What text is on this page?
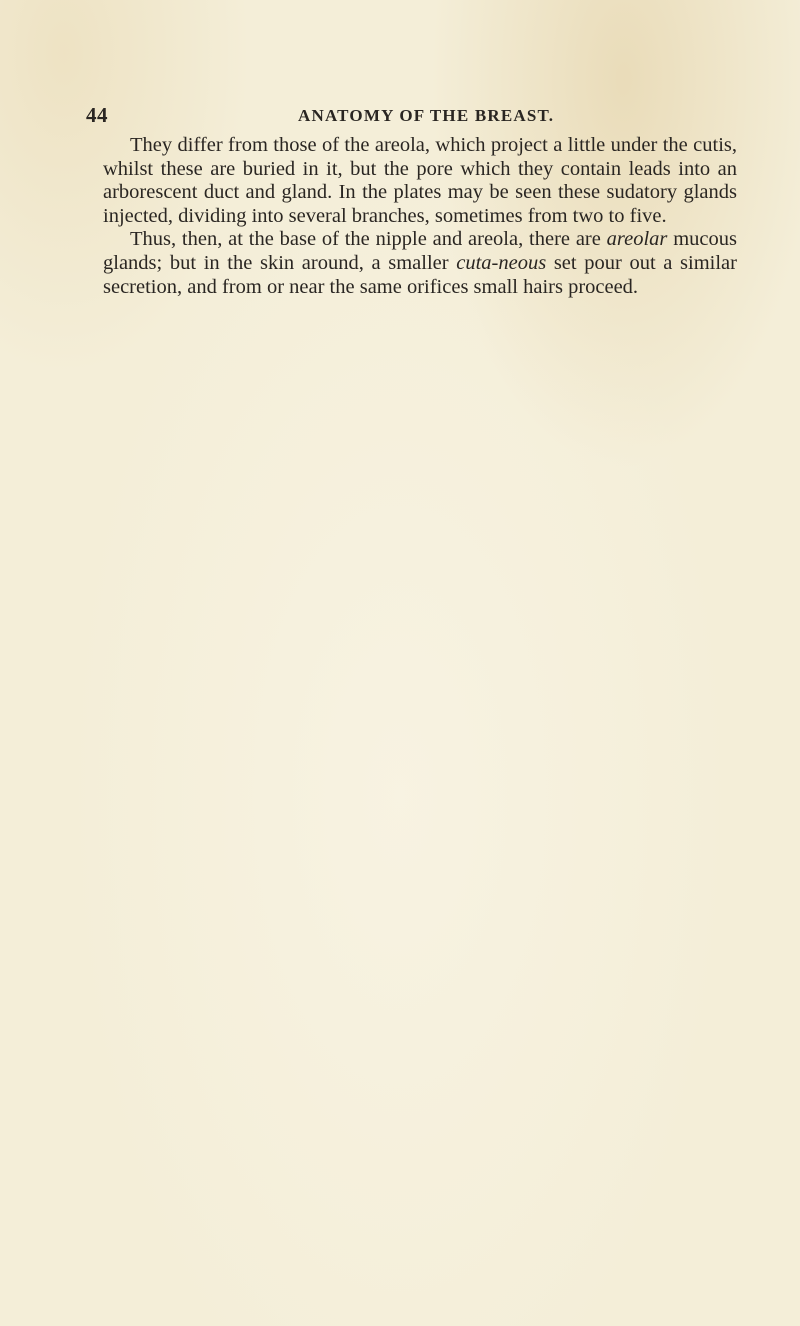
44	ANATOMY OF THE BREAST.

They differ from those of the areola, which project a little under the cutis, whilst these are buried in it, but the pore which they contain leads into an arborescent duct and gland. In the plates may be seen these sudatory glands injected, dividing into several branches, sometimes from two to five.

Thus, then, at the base of the nipple and areola, there are areolar mucous glands; but in the skin around, a smaller cuta-neous set pour out a similar secretion, and from or near the same orifices small hairs proceed.
